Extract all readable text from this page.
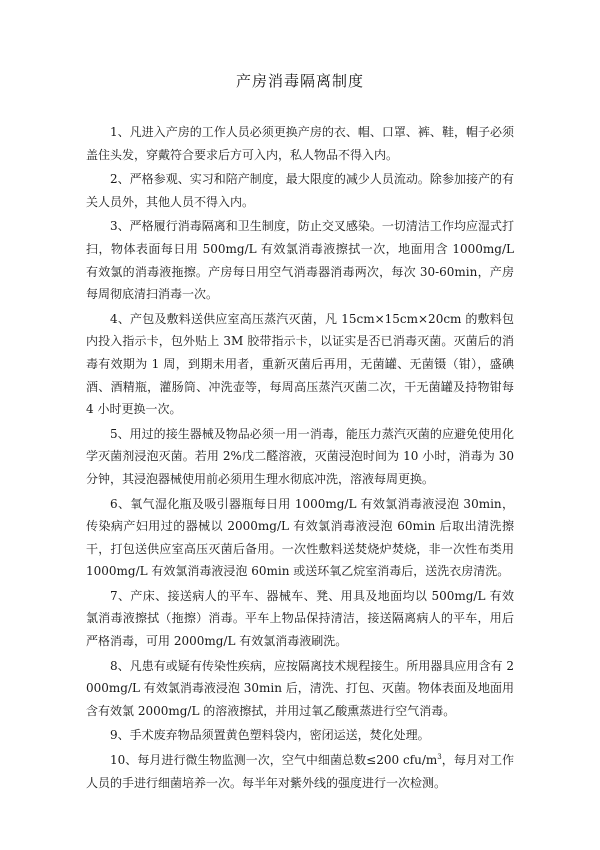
产房消毒隔离制度

1、凡进入产房的工作人员必须更换产房的衣、帽、口罩、裤、鞋，帽子必须盖住头发，穿戴符合要求后方可入内，私人物品不得入内。

2、严格参观、实习和陪产制度，最大限度的减少人员流动。除参加接产的有关人员外，其他人员不得入内。

3、严格履行消毒隔离和卫生制度，防止交叉感染。一切清洁工作均应湿式打扫，物体表面每日用 500mg/L 有效氯消毒液擦拭一次，地面用含 1000mg/L 有效氯的消毒液拖擦。产房每日用空气消毒器消毒两次，每次 30-60min，产房每周彻底清扫消毒一次。

4、产包及敷料送供应室高压蒸汽灭菌，凡 15cm×15cm×20cm 的敷料包内投入指示卡，包外贴上 3M 胶带指示卡，以证实是否已消毒灭菌。灭菌后的消毒有效期为 1 周，到期未用者，重新灭菌后再用，无菌罐、无菌镊（钳），盛碘酒、酒精瓶，灌肠筒、冲洗壶等，每周高压蒸汽灭菌二次，干无菌罐及持物钳每 4 小时更换一次。

5、用过的接生器械及物品必须一用一消毒，能压力蒸汽灭菌的应避免使用化学灭菌剂浸泡灭菌。若用 2%戊二醛溶液，灭菌浸泡时间为 10 小时，消毒为 30 分钟，其浸泡器械使用前必须用生理水彻底冲洗，溶液每周更换。

6、氧气湿化瓶及吸引器瓶每日用 1000mg/L 有效氯消毒液浸泡 30min，传染病产妇用过的器械以 2000mg/L 有效氯消毒液浸泡 60min 后取出清洗擦干，打包送供应室高压灭菌后备用。一次性敷料送焚烧炉焚烧，非一次性布类用 1000mg/L 有效氯消毒液浸泡 60min 或送环氧乙烷室消毒后，送洗衣房清洗。

7、产床、接送病人的平车、器械车、凳、用具及地面均以 500mg/L 有效氯消毒液擦拭（拖擦）消毒。平车上物品保持清洁，接送隔离病人的平车，用后严格消毒，可用 2000mg/L 有效氯消毒液刷洗。

8、凡患有或疑有传染性疾病，应按隔离技术规程接生。所用器具应用含有 2000mg/L 有效氯消毒液浸泡 30min 后，清洗、打包、灭菌。物体表面及地面用含有效氯 2000mg/L 的溶液擦拭，并用过氧乙酸熏蒸进行空气消毒。

9、手术废弃物品须置黄色塑料袋内，密闭运送，焚化处理。

10、每月进行微生物监测一次，空气中细菌总数≤200 cfu/$m^3$，每月对工作人员的手进行细菌培养一次。每半年对紫外线的强度进行一次检测。
